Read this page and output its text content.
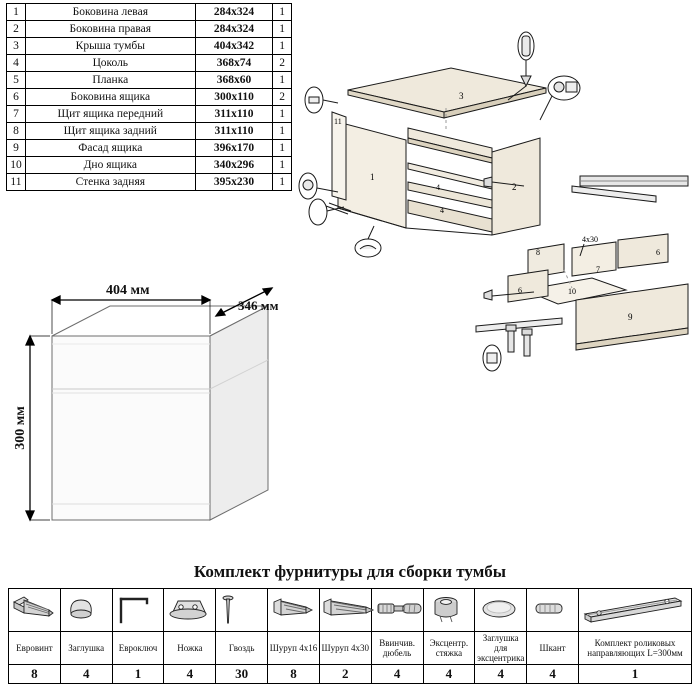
1	Боковина левая	284х324	1
2	Боковина правая	284х324	1
3	Крыша тумбы	404х342	1
4	Цоколь	368х74	2
5	Планка	368х60	1
6	Боковина ящика	300х110	2
7	Щит ящика передний	311х110	1
8	Щит ящика задний	311х110	1
9	Фасад ящика	396х170	1
10	Дно ящика	340х296	1
11	Стенка задняя	395х230	1
3
1
2
11
4
4
8	6
7
10
6
9
4х30
404 мм
346 мм
300 мм
Комплект фурнитуры для сборки тумбы

Евровинт	Заглушка	Евроключ	Ножка	Гвоздь	Шуруп 4х16	Шуруп 4х30	Ввинчив. дюбель	Эксцентр. стяжка	Заглушка для эксцентрика	Шкант	Комплект роликовых направляющих L=300мм
8	4	1	4	30	8	2	4	4	4	4	1
